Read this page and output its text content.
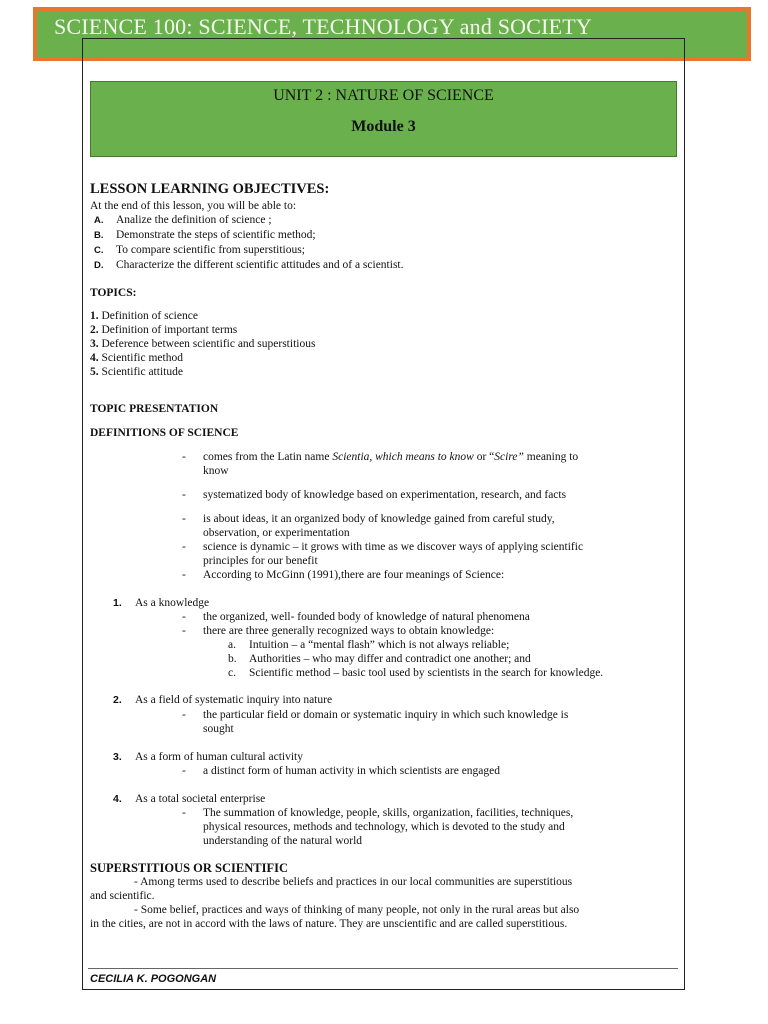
SCIENCE 100: SCIENCE, TECHNOLOGY and SOCIETY
UNIT 2 : NATURE OF SCIENCE
Module 3
LESSON LEARNING OBJECTIVES:
At the end of this lesson, you will be able to:
A. Analize the definition of science ;
B. Demonstrate the steps of scientific method;
C. To compare scientific from superstitious;
D. Characterize the different scientific attitudes and of a scientist.
TOPICS:
1. Definition of science
2. Definition of important terms
3. Deference between scientific and superstitious
4. Scientific method
5. Scientific attitude
TOPIC PRESENTATION
DEFINITIONS OF SCIENCE
- comes from the Latin name Scientia, which means to know or “Scire” meaning to
know
- systematized body of knowledge based on experimentation, research, and facts
- is about ideas, it an organized body of knowledge gained from careful study,
observation, or experimentation
- science is dynamic – it grows with time as we discover ways of applying scientific
principles for our benefit
- According to McGinn (1991),there are four meanings of Science:
1. As a knowledge
- the organized, well- founded body of knowledge of natural phenomena
- there are three generally recognized ways to obtain knowledge:
a. Intuition – a “mental flash” which is not always reliable;
b. Authorities – who may differ and contradict one another; and
c. Scientific method – basic tool used by scientists in the search for knowledge.
2. As a field of systematic inquiry into nature
- the particular field or domain or systematic inquiry in which such knowledge is
sought
3. As a form of human cultural activity
- a distinct form of human activity in which scientists are engaged
4. As a total societal enterprise
- The summation of knowledge, people, skills, organization, facilities, techniques,
physical resources, methods and technology, which is devoted to the study and
understanding of the natural world
SUPERSTITIOUS OR SCIENTIFIC
- Among terms used to describe beliefs and practices in our local communities are superstitious
and scientific.
- Some belief, practices and ways of thinking of many people, not only in the rural areas but also
in the cities, are not in accord with the laws of nature. They are unscientific and are called superstitious.
CECILIA K. POGONGAN
